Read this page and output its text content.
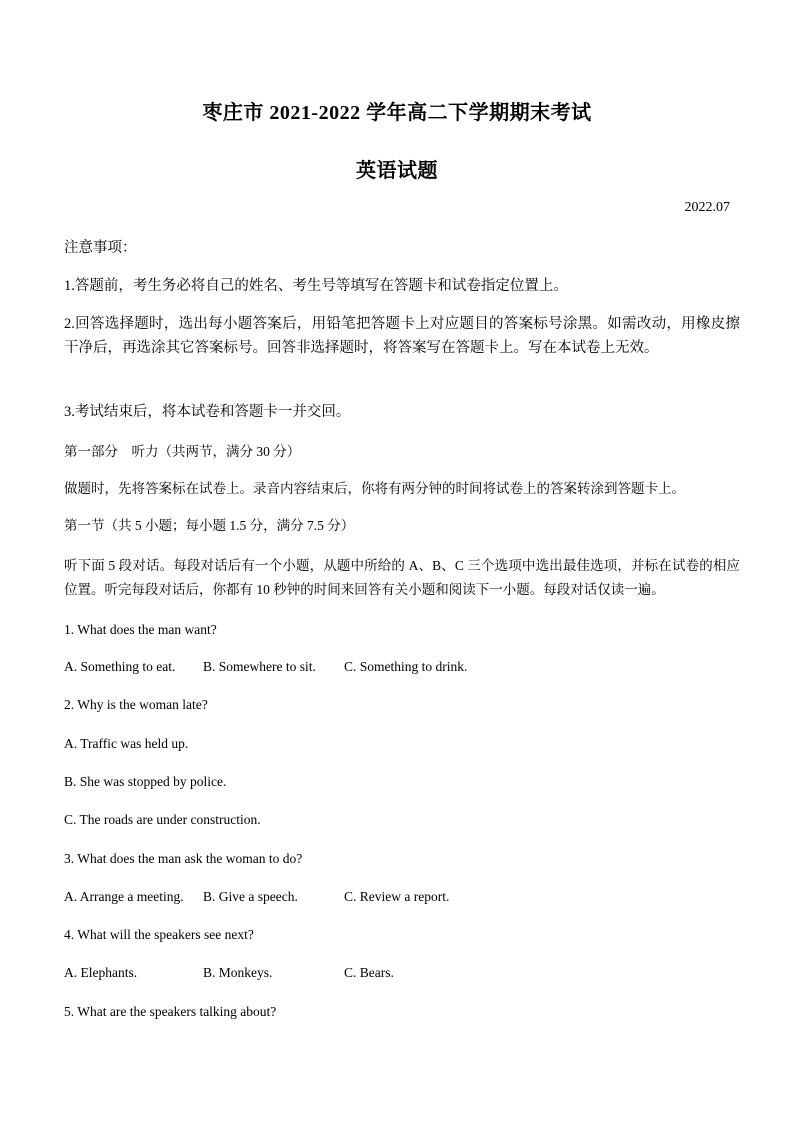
枣庄市 2021-2022 学年高二下学期期末考试
英语试题
2022.07
注意事项：
1.答题前，考生务必将自己的姓名、考生号等填写在答题卡和试卷指定位置上。
2.回答选择题时，选出每小题答案后，用铅笔把答题卡上对应题目的答案标号涂黑。如需改动，用橡皮擦干净后，再选涂其它答案标号。回答非选择题时，将答案写在答题卡上。写在本试卷上无效。
3.考试结束后，将本试卷和答题卡一并交回。
第一部分　听力（共两节，满分 30 分）
做题时，先将答案标在试卷上。录音内容结束后，你将有两分钟的时间将试卷上的答案转涂到答题卡上。
第一节（共 5 小题；每小题 1.5 分，满分 7.5 分）
听下面 5 段对话。每段对话后有一个小题，从题中所给的 A、B、C 三个选项中选出最佳选项，并标在试卷的相应位置。听完每段对话后，你都有 10 秒钟的时间来回答有关小题和阅读下一小题。每段对话仅读一遍。
1. What does the man want?
A. Something to eat. B. Somewhere to sit. C. Something to drink.
2. Why is the woman late?
A. Traffic was held up.
B. She was stopped by police.
C. The roads are under construction.
3. What does the man ask the woman to do?
A. Arrange a meeting. B. Give a speech.	C. Review a report.
4. What will the speakers see next?
A. Elephants.	B. Monkeys.	C. Bears.
5. What are the speakers talking about?
